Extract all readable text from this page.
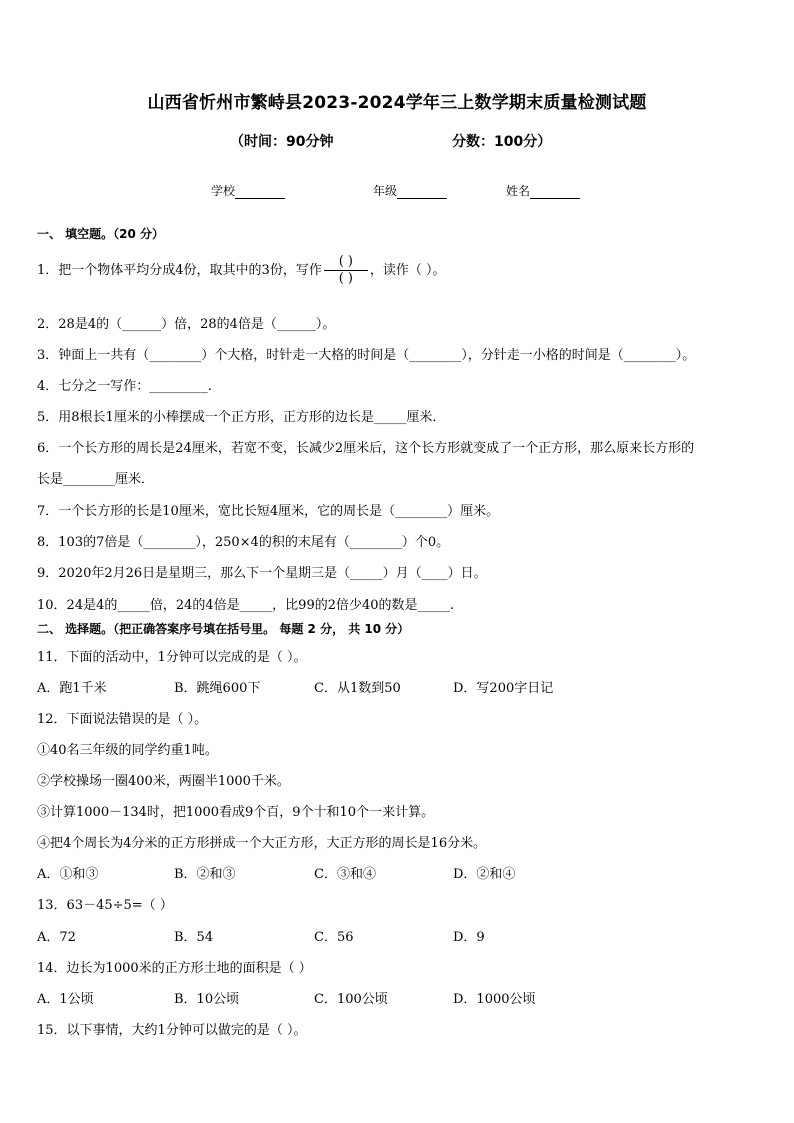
山西省忻州市繁峙县2023-2024学年三上数学期末质量检测试题
（时间：90分钟	分数：100分）
学校	年级	姓名
一、 填空题。（20 分）
1．把一个物体平均分成4份，取其中的3份，写作 $\frac{( )}{( )}$ ，读作（ ）。
2．28是4的（______）倍，28的4倍是（______）。
3．钟面上一共有（________）个大格，时针走一大格的时间是（________），分针走一小格的时间是（________）。
4．七分之一写作：_________.
5．用8根长1厘米的小棒摆成一个正方形，正方形的边长是_____厘米．
6．一个长方形的周长是24厘米，若宽不变，长减少2厘米后，这个长方形就变成了一个正方形，那么原来长方形的
长是________厘米．
7．一个长方形的长是10厘米，宽比长短4厘米，它的周长是（________）厘米。
8．103的7倍是（________），250×4的积的末尾有（________）个0。
9．2020年2月26日是星期三，那么下一个星期三是（_____）月（____）日。
10．24是4的_____倍，24的4倍是_____，比99的2倍少40的数是_____.
二、 选择题。（把正确答案序号填在括号里。 每题 2 分， 共 10 分）
11．下面的活动中，1分钟可以完成的是（ ）。
A．跑1千米	B．跳绳600下	C．从1数到50	D．写200字日记
12．下面说法错误的是（ ）。
①40名三年级的同学约重1吨。
②学校操场一圈400米，两圈半1000千米。
③计算1000－134时，把1000看成9个百，9个十和10个一来计算。
④把4个周长为4分米的正方形拼成一个大正方形，大正方形的周长是16分米。
A．①和③	B．②和③	C．③和④	D．②和④
13．63－45÷5=（ ）
A．72	B．54	C．56	D．9
14．边长为1000米的正方形土地的面积是（ ）
A．1公顷	B．10公顷	C．100公顷	D．1000公顷
15．以下事情，大约1分钟可以做完的是（ ）。
